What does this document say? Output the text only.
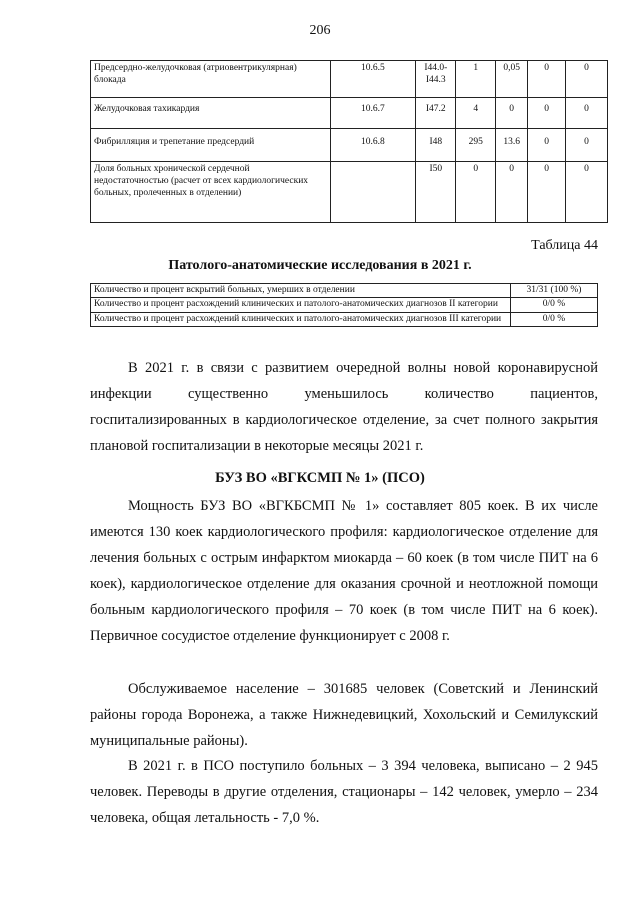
206
Предсердно-желудочковая (атриовентрикулярная) блокада	10.6.5	I44.0-I44.3	1	0,05	0	0
Желудочковая тахикардия	10.6.7	I47.2	4	0	0	0
Фибрилляция и трепетание предсердий	10.6.8	I48	295	13.6	0	0
Доля больных хронической сердечной недостаточностью (расчет от всех кардиологических больных, пролеченных в отделении)		I50	0	0	0	0
Таблица 44
Патолого-анатомические исследования в 2021 г.
Количество и процент вскрытий больных, умерших в отделении	31/31 (100 %)
Количество и процент расхождений клинических и патолого-анатомических диагнозов II категории	0/0 %
Количество и процент расхождений клинических и патолого-анатомических диагнозов III категории	0/0 %

В 2021 г. в связи с развитием очередной волны новой коронавирусной инфекции существенно уменьшилось количество пациентов, госпитализированных в кардиологическое отделение, за счет полного закрытия плановой госпитализации в некоторые месяцы 2021 г.

БУЗ ВО «ВГКСМП № 1» (ПСО)

Мощность БУЗ ВО «ВГКБСМП № 1» составляет 805 коек. В их числе имеются 130 коек кардиологического профиля: кардиологическое отделение для лечения больных с острым инфарктом миокарда – 60 коек (в том числе ПИТ на 6 коек), кардиологическое отделение для оказания срочной и неотложной помощи больным кардиологического профиля – 70 коек (в том числе ПИТ на 6 коек). Первичное сосудистое отделение функционирует с 2008 г.

Обслуживаемое население – 301685 человек (Советский и Ленинский районы города Воронежа, а также Нижнедевицкий, Хохольский и Семилукский муниципальные районы).

В 2021 г. в ПСО поступило больных – 3 394 человека, выписано – 2 945 человек. Переводы в другие отделения, стационары – 142 человек, умерло – 234 человека, общая летальность - 7,0 %.
